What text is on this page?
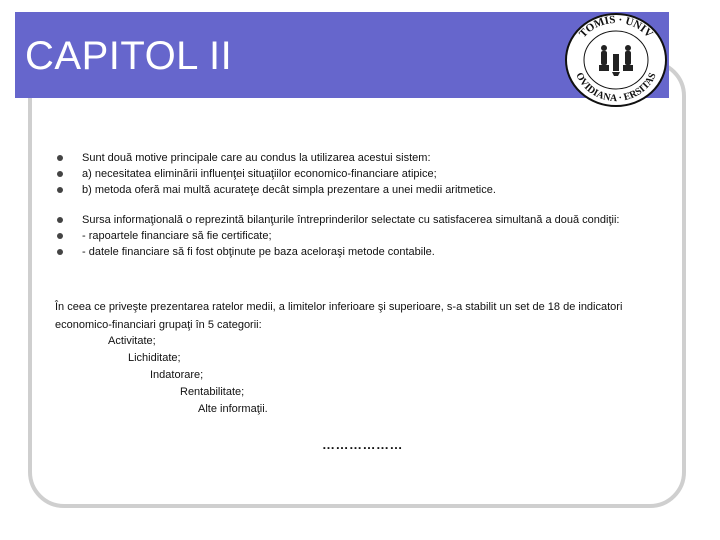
CAPITOL II
TOMIS · UNIV
OVIDIANA · ERSITAS
Sunt două motive principale care au condus la utilizarea acestui sistem:
a) necesitatea eliminării influenţei situaţiilor economico-financiare atipice;
b) metoda oferă mai multă acurateţe decât simpla prezentare a unei medii aritmetice.
Sursa informaţională o reprezintă bilanţurile întreprinderilor selectate cu satisfacerea simultană a două condiţii:
- rapoartele financiare să fie certificate;
- datele financiare să fi fost obţinute pe baza aceloraşi metode contabile.
În ceea ce priveşte prezentarea ratelor medii, a limitelor inferioare şi superioare, s-a stabilit un set de 18 de indicatori economico-financiari grupaţi în 5 categorii:
Activitate;
Lichiditate;
Indatorare;
Rentabilitate;
Alte informaţii.
………………
